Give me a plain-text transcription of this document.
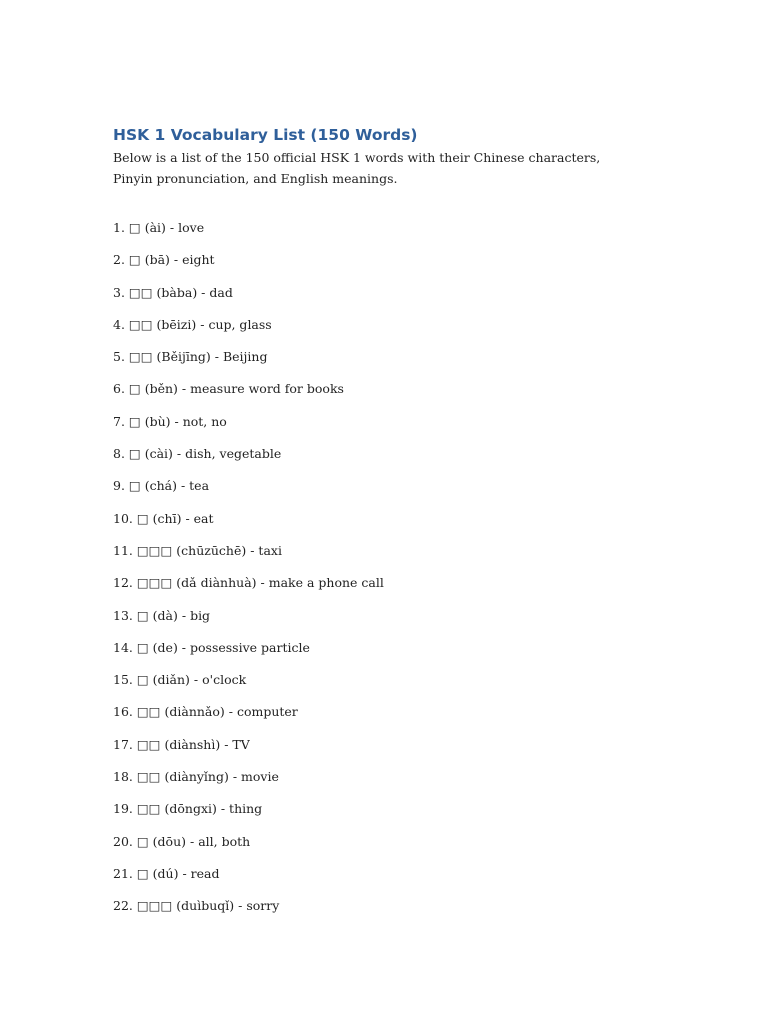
HSK 1 Vocabulary List (150 Words)

Below is a list of the 150 official HSK 1 words with their Chinese characters, Pinyin pronunciation, and English meanings.

1. □ (ài) - love
2. □ (bā) - eight
3. □□ (bàba) - dad
4. □□ (bēizi) - cup, glass
5. □□ (Běijīng) - Beijing
6. □ (běn) - measure word for books
7. □ (bù) - not, no
8. □ (cài) - dish, vegetable
9. □ (chá) - tea
10. □ (chī) - eat
11. □□□ (chūzūchē) - taxi
12. □□□ (dǎ diànhuà) - make a phone call
13. □ (dà) - big
14. □ (de) - possessive particle
15. □ (diǎn) - o'clock
16. □□ (diànnǎo) - computer
17. □□ (diànshì) - TV
18. □□ (diànyǐng) - movie
19. □□ (dōngxi) - thing
20. □ (dōu) - all, both
21. □ (dú) - read
22. □□□ (duìbuqǐ) - sorry
